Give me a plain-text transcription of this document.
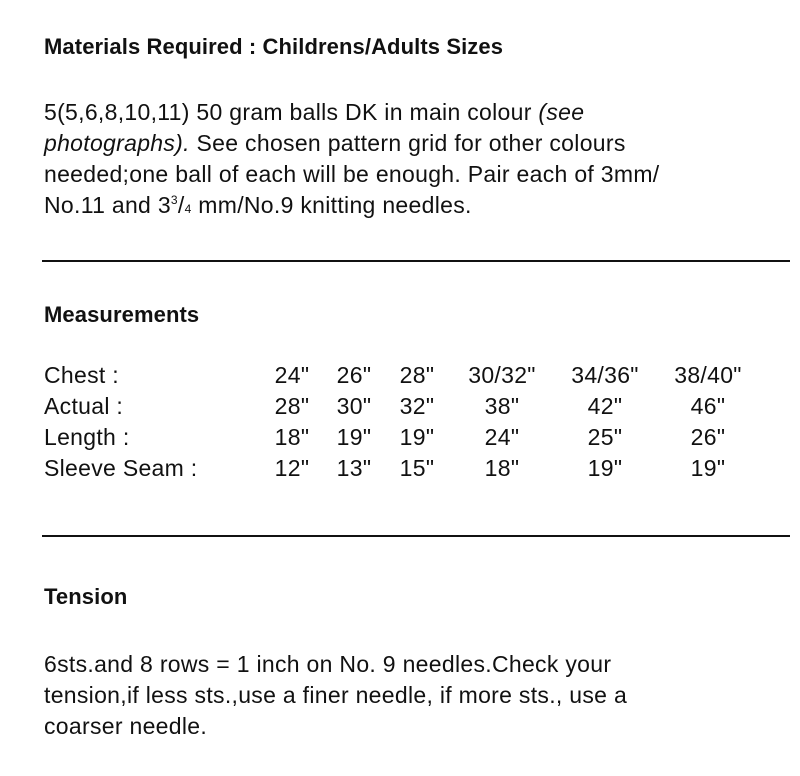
Materials Required : Childrens/Adults Sizes
5(5,6,8,10,11) 50 gram balls DK in main colour (see
photographs). See chosen pattern grid for other colours
needed;one ball of each will be enough. Pair each of 3mm/
No.11 and $3^3/4$ mm/No.9 knitting needles.
Measurements
Chest :	24"	26"	28"	30/32"	34/36"	38/40"
Actual :	28"	30"	32"	38"	42"	46"
Length :	18"	19"	19"	24"	25"	26"
Sleeve Seam :	12"	13"	15"	18"	19"	19"
Tension
6sts.and 8 rows = 1 inch on No. 9 needles.Check your
tension,if less sts.,use a finer needle, if more sts., use a
coarser needle.
